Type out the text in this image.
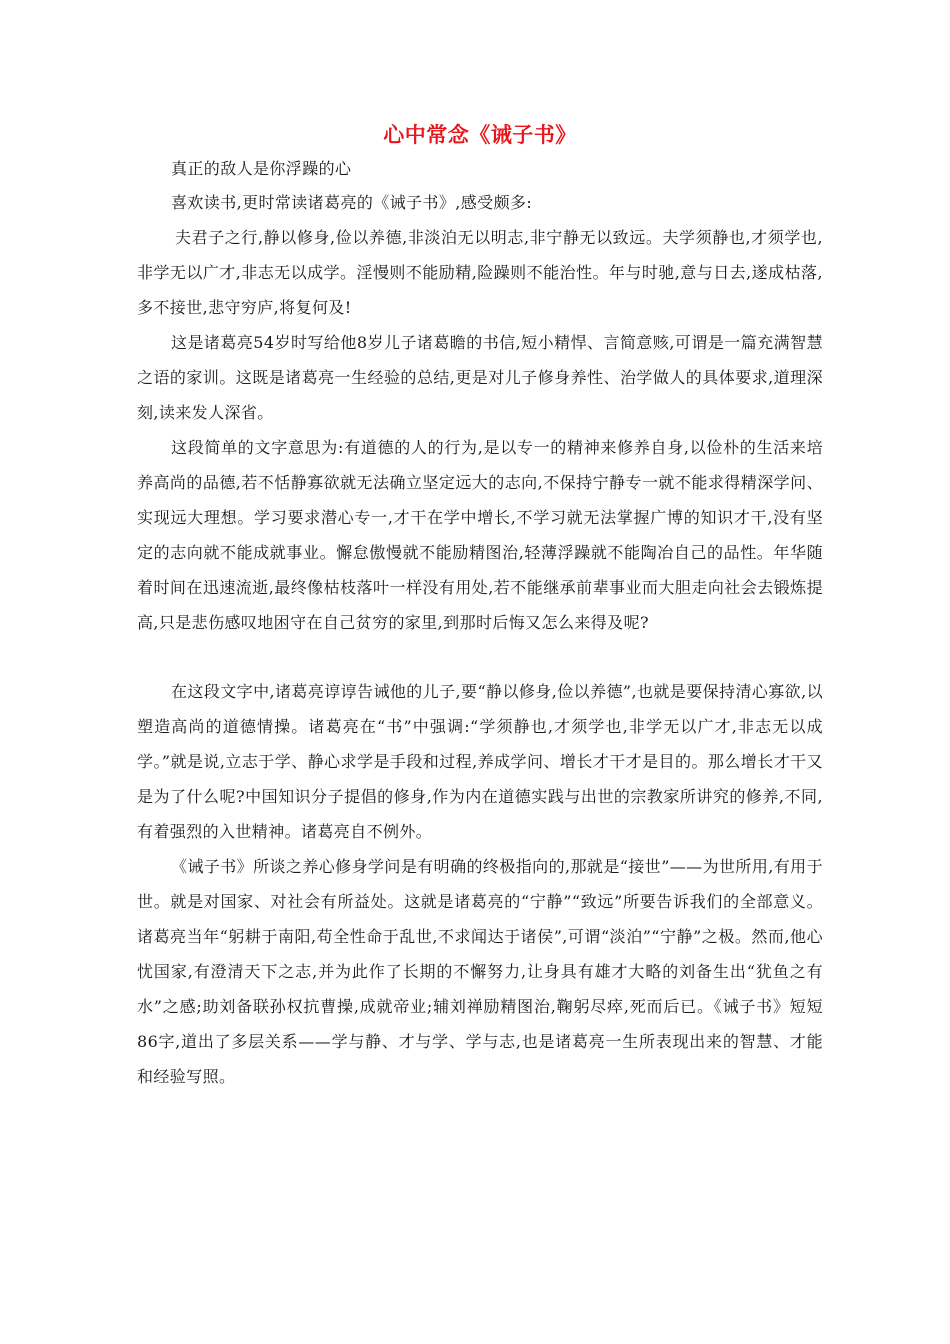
心中常念《诫子书》

真正的敌人是你浮躁的心

喜欢读书,更时常读诸葛亮的《诫子书》,感受颇多:

夫君子之行,静以修身,俭以养德,非淡泊无以明志,非宁静无以致远。夫学须静也,才须学也,非学无以广才,非志无以成学。淫慢则不能励精,险躁则不能治性。年与时驰,意与日去,遂成枯落,多不接世,悲守穷庐,将复何及!

这是诸葛亮54岁时写给他8岁儿子诸葛瞻的书信,短小精悍、言简意赅,可谓是一篇充满智慧之语的家训。这既是诸葛亮一生经验的总结,更是对儿子修身养性、治学做人的具体要求,道理深刻,读来发人深省。

这段简单的文字意思为:有道德的人的行为,是以专一的精神来修养自身,以俭朴的生活来培养高尚的品德,若不恬静寡欲就无法确立坚定远大的志向,不保持宁静专一就不能求得精深学问、实现远大理想。学习要求潜心专一,才干在学中增长,不学习就无法掌握广博的知识才干,没有坚定的志向就不能成就事业。懈怠傲慢就不能励精图治,轻薄浮躁就不能陶冶自己的品性。年华随着时间在迅速流逝,最终像枯枝落叶一样没有用处,若不能继承前辈事业而大胆走向社会去锻炼提高,只是悲伤感叹地困守在自己贫穷的家里,到那时后悔又怎么来得及呢?

在这段文字中,诸葛亮谆谆告诫他的儿子,要“静以修身,俭以养德”,也就是要保持清心寡欲,以塑造高尚的道德情操。诸葛亮在“书”中强调:“学须静也,才须学也,非学无以广才,非志无以成学。”就是说,立志于学、静心求学是手段和过程,养成学问、增长才干才是目的。那么增长才干又是为了什么呢?中国知识分子提倡的修身,作为内在道德实践与出世的宗教家所讲究的修养,不同,有着强烈的入世精神。诸葛亮自不例外。

《诫子书》所谈之养心修身学问是有明确的终极指向的,那就是“接世”——为世所用,有用于世。就是对国家、对社会有所益处。这就是诸葛亮的“宁静”“致远”所要告诉我们的全部意义。诸葛亮当年“躬耕于南阳,苟全性命于乱世,不求闻达于诸侯”,可谓“淡泊”“宁静”之极。然而,他心忧国家,有澄清天下之志,并为此作了长期的不懈努力,让身具有雄才大略的刘备生出“犹鱼之有水”之感;助刘备联孙权抗曹操,成就帝业;辅刘禅励精图治,鞠躬尽瘁,死而后已。《诫子书》短短86字,道出了多层关系——学与静、才与学、学与志,也是诸葛亮一生所表现出来的智慧、才能和经验写照。
